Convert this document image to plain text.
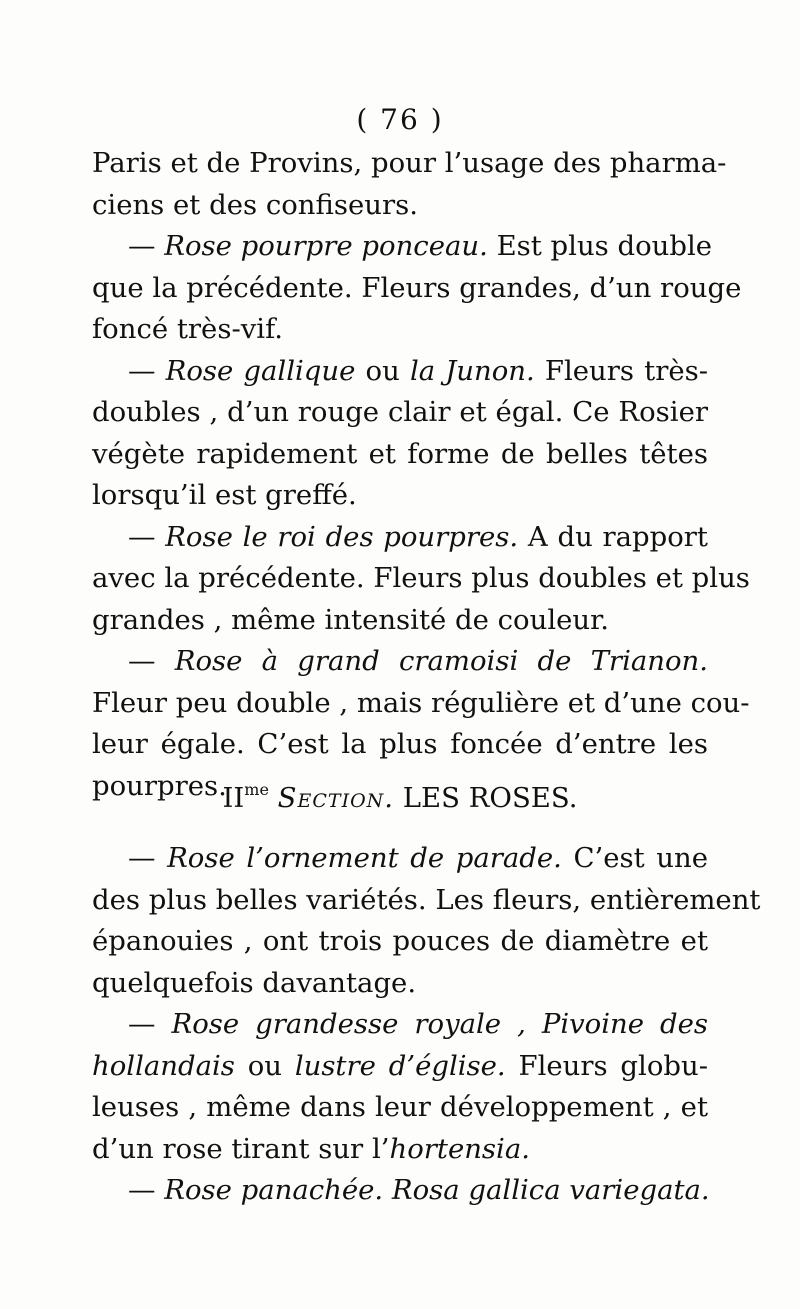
( 76 )
Paris et de Provins, pour l’usage des pharma-
ciens et des confiseurs.
— Rose pourpre ponceau. Est plus double
que la précédente. Fleurs grandes, d’un rouge
foncé très-vif.
— Rose gallique ou la Junon. Fleurs très-
doubles , d’un rouge clair et égal. Ce Rosier
végète rapidement et forme de belles têtes
lorsqu’il est greffé.
— Rose le roi des pourpres. A du rapport
avec la précédente. Fleurs plus doubles et plus
grandes , même intensité de couleur.
— Rose à grand cramoisi de Trianon.
Fleur peu double , mais régulière et d’une cou-
leur égale. C’est la plus foncée d’entre les
pourpres.
$II^{me}$ Section. LES ROSES.
— Rose l’ornement de parade. C’est une
des plus belles variétés. Les fleurs, entièrement
épanouies , ont trois pouces de diamètre et
quelquefois davantage.
— Rose grandesse royale , Pivoine des
hollandais ou lustre d’église. Fleurs globu-
leuses , même dans leur développement , et
d’un rose tirant sur l’hortensia.
— Rose panachée. Rosa gallica variegata.
